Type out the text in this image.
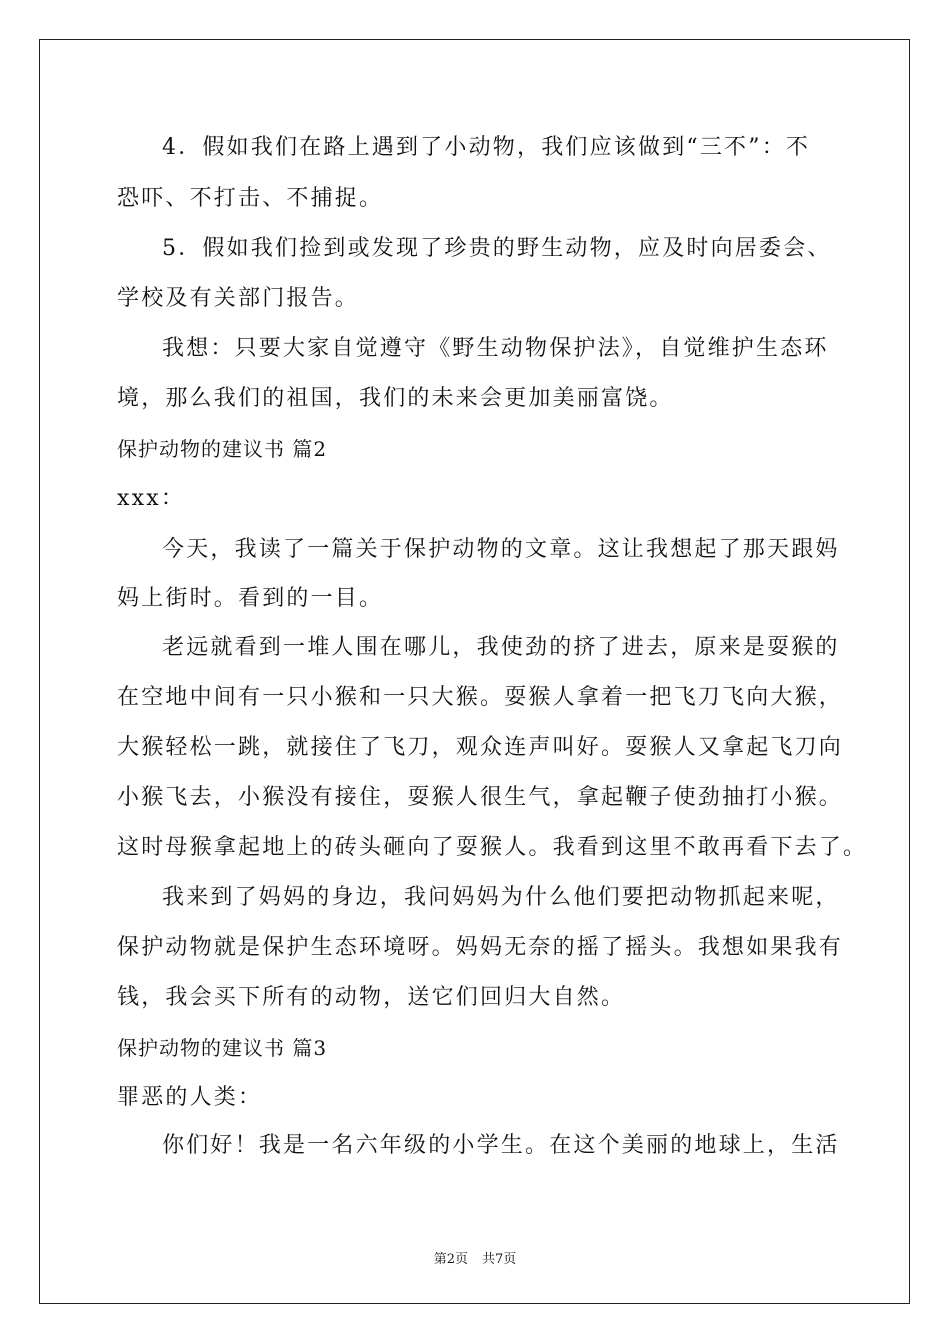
4．假如我们在路上遇到了小动物，我们应该做到“三不”：不
恐吓、不打击、不捕捉。
5．假如我们捡到或发现了珍贵的野生动物，应及时向居委会、
学校及有关部门报告。
我想：只要大家自觉遵守《野生动物保护法》，自觉维护生态环
境，那么我们的祖国，我们的未来会更加美丽富饶。
保护动物的建议书 篇2
xxx：
今天，我读了一篇关于保护动物的文章。这让我想起了那天跟妈
妈上街时。看到的一目。
老远就看到一堆人围在哪儿，我使劲的挤了进去，原来是耍猴的
在空地中间有一只小猴和一只大猴。耍猴人拿着一把飞刀飞向大猴，
大猴轻松一跳，就接住了飞刀，观众连声叫好。耍猴人又拿起飞刀向
小猴飞去，小猴没有接住，耍猴人很生气，拿起鞭子使劲抽打小猴。
这时母猴拿起地上的砖头砸向了耍猴人。我看到这里不敢再看下去了。
我来到了妈妈的身边，我问妈妈为什么他们要把动物抓起来呢，
保护动物就是保护生态环境呀。妈妈无奈的摇了摇头。我想如果我有
钱，我会买下所有的动物，送它们回归大自然。
保护动物的建议书 篇3
罪恶的人类：
你们好！我是一名六年级的小学生。在这个美丽的地球上，生活
第2页 共7页
